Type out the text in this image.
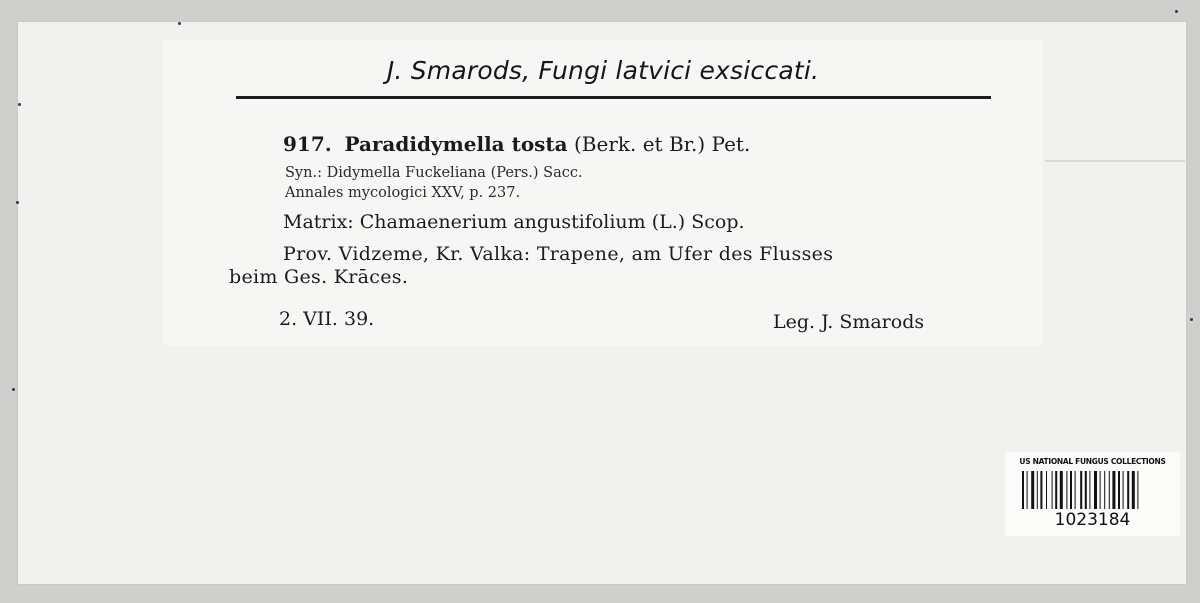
J. Smarods, Fungi latvici exsiccati.
917. Paradidymella tosta (Berk. et Br.) Pet.
Syn.: Didymella Fuckeliana (Pers.) Sacc.
Annales mycologici XXV, p. 237.
Matrix: Chamaenerium angustifolium (L.) Scop.
Prov. Vidzeme, Kr. Valka: Trapene, am Ufer des Flusses
beim Ges. Krāces.
2. VII. 39.	Leg. J. Smarods
US NATIONAL FUNGUS COLLECTIONS
1023184
